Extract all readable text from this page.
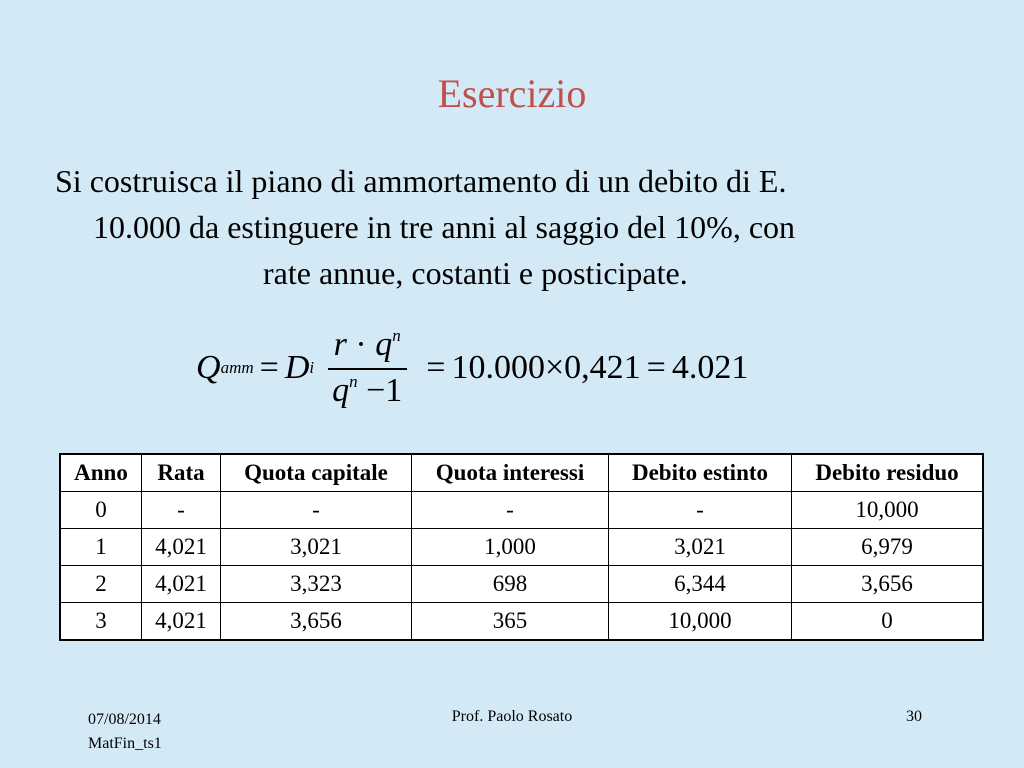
Esercizio

Si costruisca il piano di ammortamento di un debito di E.
10.000 da estinguere in tre anni al saggio del 10%, con
rate annue, costanti e posticipate.

Q amm = D i $\frac{r \cdot q^n}{q^n -1} = 10.000 \times 0,421 = 4.021$
Anno	Rata	Quota capitale	Quota interessi	Debito estinto	Debito residuo
0	-	-	-	-	10,000
1	4,021	3,021	1,000	3,021	6,979
2	4,021	3,323	698	6,344	3,656
3	4,021	3,656	365	10,000	0
07/08/2014
MatFin_ts1
Prof. Paolo Rosato	30
